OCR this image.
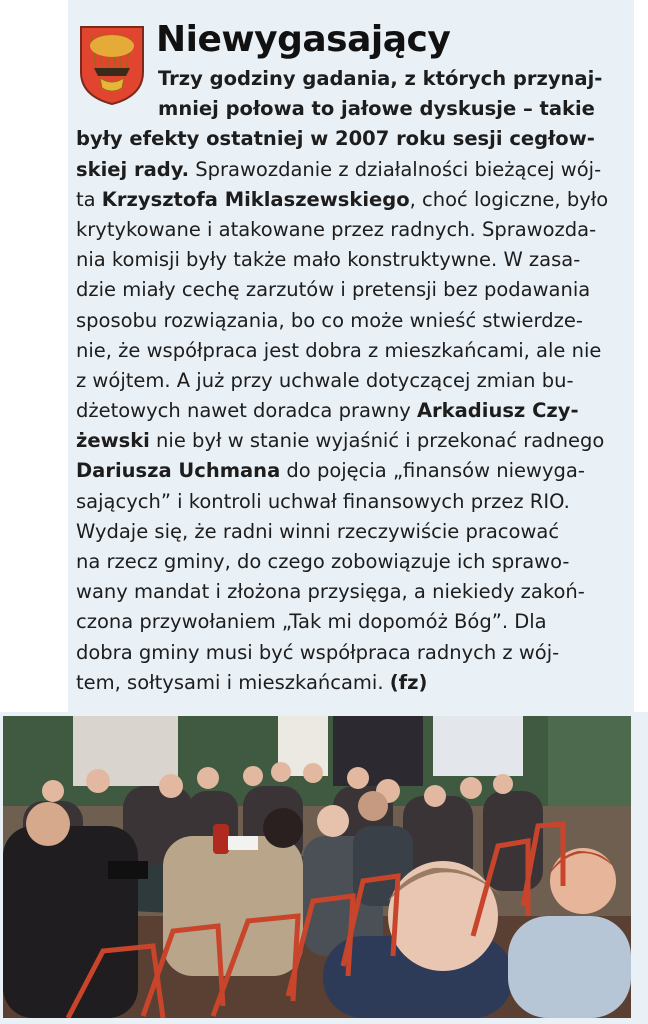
Niewygasający
Trzy godziny gadania, z których przynaj-
mniej połowa to jałowe dyskusje – takie
były efekty ostatniej w 2007 roku sesji cegłow-
skiej rady. Sprawozdanie z działalności bieżącej wój-
ta Krzysztofa Miklaszewskiego, choć logiczne, było
krytykowane i atakowane przez radnych. Sprawozda-
nia komisji były także mało konstruktywne. W zasa-
dzie miały cechę zarzutów i pretensji bez podawania
sposobu rozwiązania, bo co może wnieść stwierdze-
nie, że współpraca jest dobra z mieszkańcami, ale nie
z wójtem. A już przy uchwale dotyczącej zmian bu-
dżetowych nawet doradca prawny Arkadiusz Czy-
żewski nie był w stanie wyjaśnić i przekonać radnego
Dariusza Uchmana do pojęcia „finansów niewyga-
sających” i kontroli uchwał finansowych przez RIO.
Wydaje się, że radni winni rzeczywiście pracować
na rzecz gminy, do czego zobowiązuje ich sprawo-
wany mandat i złożona przysięga, a niekiedy zakoń-
czona przywołaniem „Tak mi dopomóż Bóg”. Dla
dobra gminy musi być współpraca radnych z wój-
tem, sołtysami i mieszkańcami. (fz)
